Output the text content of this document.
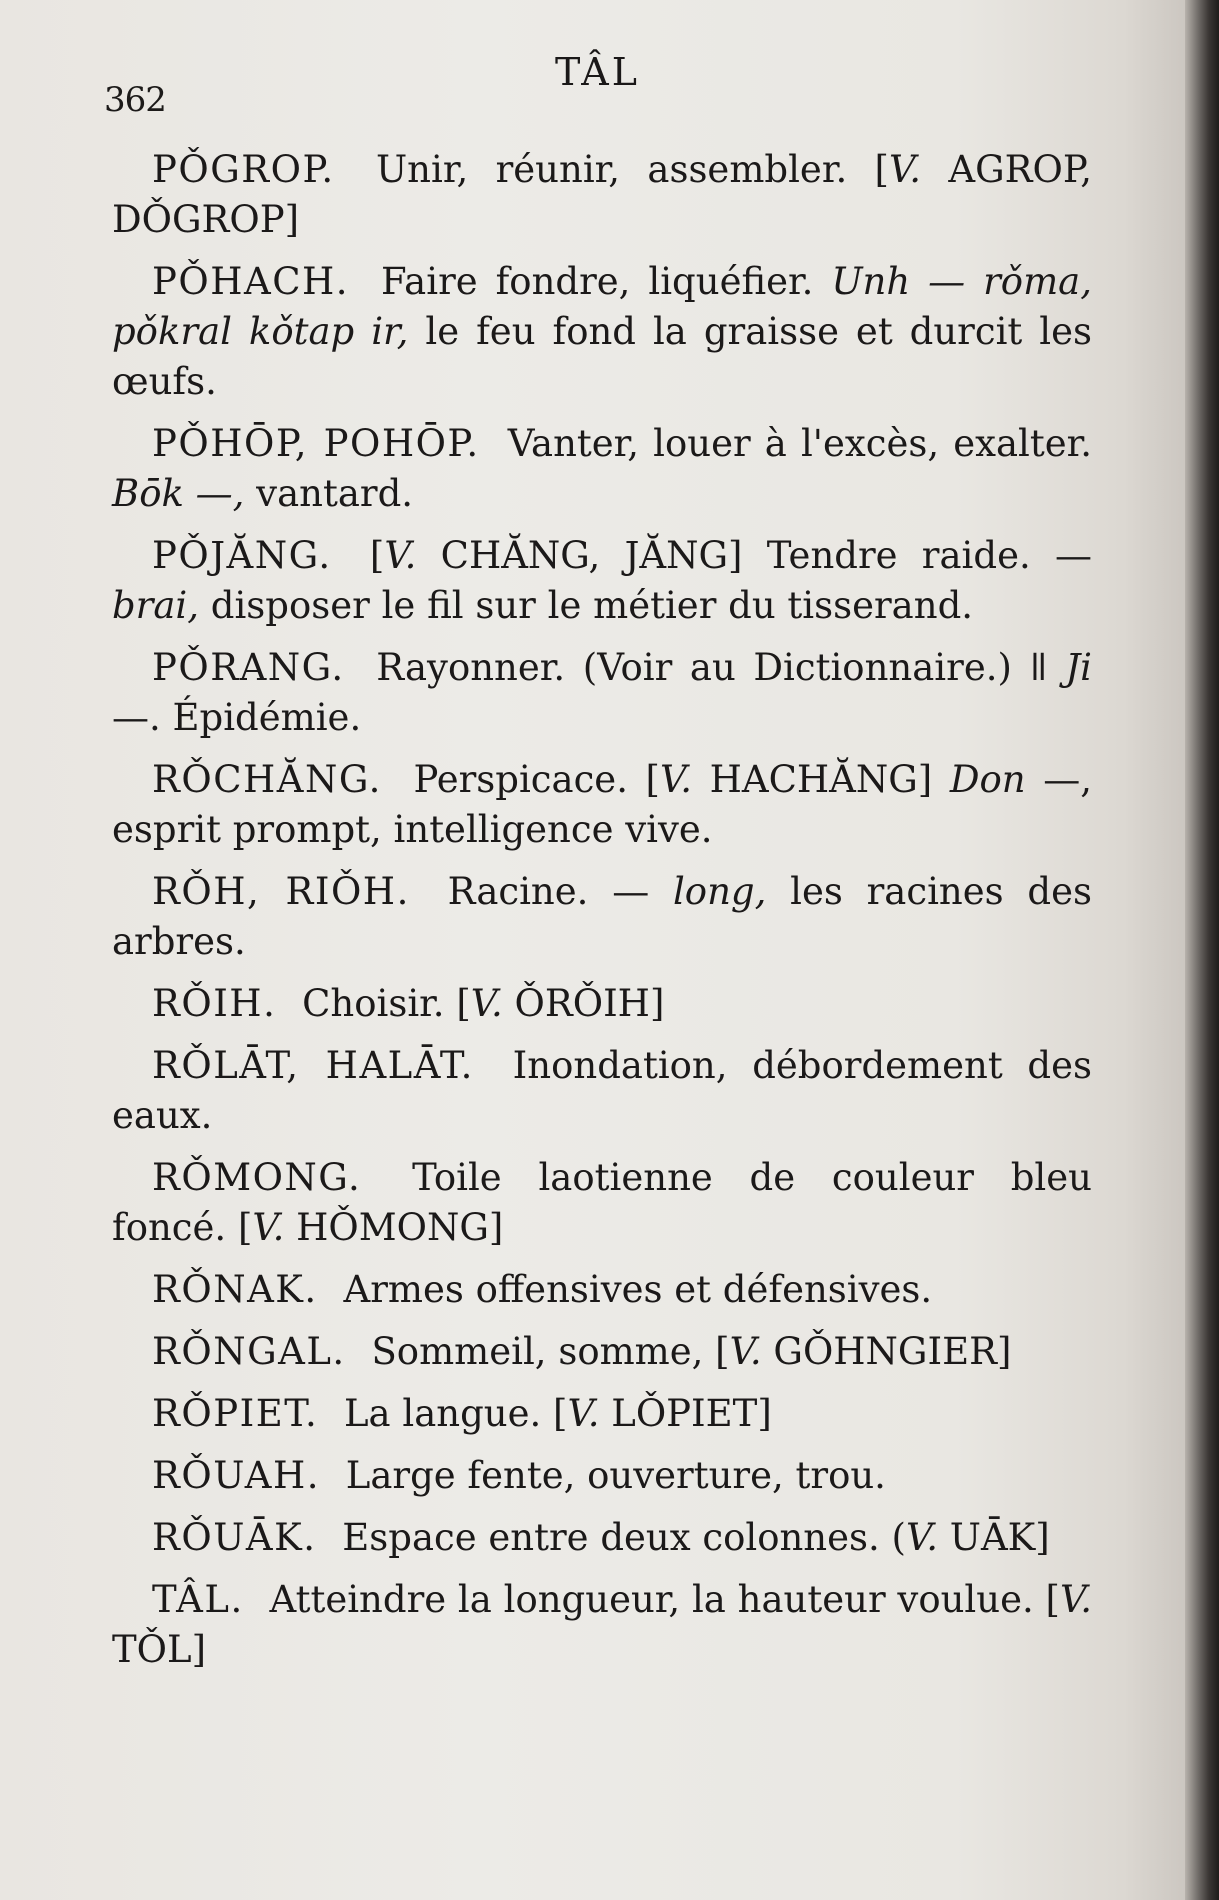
362
TÂL

PǑGROP. Unir, réunir, assembler. [V. AGROP, DǑGROP]

PǑHACH. Faire fondre, liquéfier. Unh — rǒma, pǒkral kǒtap ir, le feu fond la graisse et durcit les œufs.

PǑHŌP, POHŌP. Vanter, louer à l'excès, exalter. Bōk —, vantard.

PǑJĂNG. [V. CHĂNG, JĂNG] Tendre raide. — brai, disposer le fil sur le métier du tisserand.

PǑRANG. Rayonner. (Voir au Dictionnaire.) ǁ Ji —. Épidémie.

RǑCHĂNG. Perspicace. [V. HACHĂNG] Don —, esprit prompt, intelligence vive.

RǑH, RIǑH. Racine. — long, les racines des arbres.

RǑIH. Choisir. [V. ǑRǑIH]

RǑLĀT, HALĀT. Inondation, débordement des eaux.

RǑMONG. Toile laotienne de couleur bleu foncé. [V. HǑMONG]

RǑNAK. Armes offensives et défensives.

RǑNGAL. Sommeil, somme, [V. GǑHNGIER]

RǑPIET. La langue. [V. LǑPIET]

RǑUAH. Large fente, ouverture, trou.

RǑUĀK. Espace entre deux colonnes. (V. UĀK]

TÂL. Atteindre la longueur, la hauteur voulue. [V. TǑL]
